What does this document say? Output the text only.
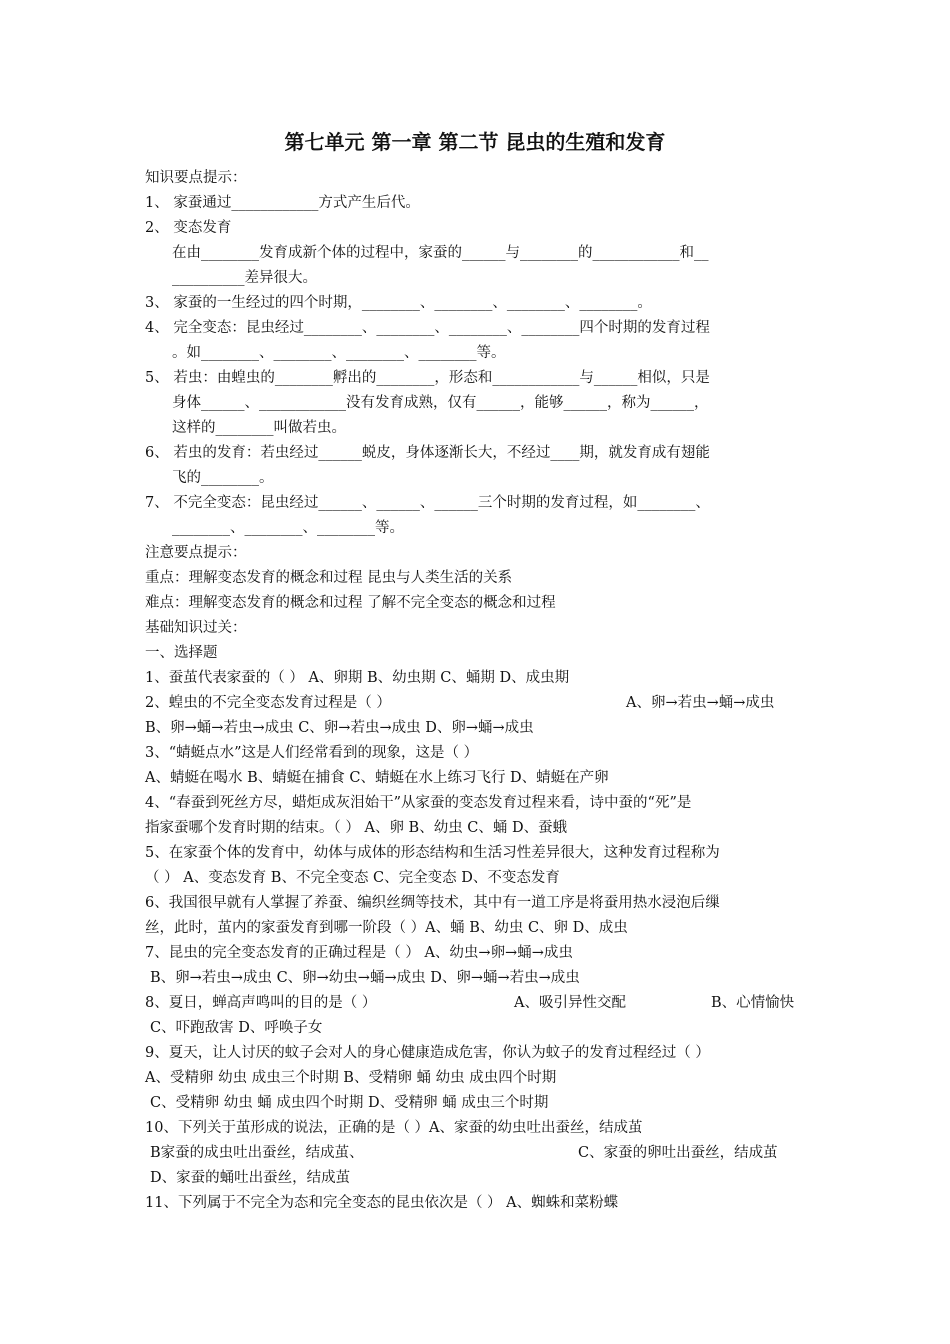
第七单元 第一章 第二节 昆虫的生殖和发育
知识要点提示：
1、 家蚕通过____________方式产生后代。
2、 变态发育
在由________发育成新个体的过程中，家蚕的______与________的____________和__
__________差异很大。
3、 家蚕的一生经过的四个时期，________、________、________、________。
4、 完全变态：昆虫经过________、________、________、________四个时期的发育过程
。如________、________、________、________等。
5、 若虫：由蝗虫的________孵出的________，形态和____________与______相似，只是
身体______、____________没有发育成熟，仅有______，能够______，称为______，
这样的________叫做若虫。
6、 若虫的发育：若虫经过______蜕皮，身体逐渐长大，不经过____期，就发育成有翅能
飞的________。
7、 不完全变态：昆虫经过______、______、______三个时期的发育过程，如________、
________、________、________等。
注意要点提示：
重点：理解变态发育的概念和过程 昆虫与人类生活的关系
难点：理解变态发育的概念和过程 了解不完全变态的概念和过程
基础知识过关：
一、选择题
1、蚕茧代表家蚕的（ ） A、卵期 B、幼虫期 C、蛹期 D、成虫期
2、蝗虫的不完全变态发育过程是（ ）	A、卵→若虫→蛹→成虫
B、卵→蛹→若虫→成虫 C、卵→若虫→成虫 D、卵→蛹→成虫
3、“蜻蜓点水”这是人们经常看到的现象，这是（ ）
A、蜻蜓在喝水 B、蜻蜓在捕食 C、蜻蜓在水上练习飞行 D、蜻蜓在产卵
4、“春蚕到死丝方尽，蜡炬成灰泪始干”从家蚕的变态发育过程来看，诗中蚕的“死”是
指家蚕哪个发育时期的结束。（ ） A、卵 B、幼虫 C、蛹 D、蚕蛾
5、在家蚕个体的发育中，幼体与成体的形态结构和生活习性差异很大，这种发育过程称为
（ ） A、变态发育 B、不完全变态 C、完全变态 D、不变态发育
6、我国很早就有人掌握了养蚕、编织丝绸等技术，其中有一道工序是将蚕用热水浸泡后缫
丝，此时，茧内的家蚕发育到哪一阶段（ ）A、蛹 B、幼虫 C、卵 D、成虫
7、昆虫的完全变态发育的正确过程是（ ） A、幼虫→卵→蛹→成虫
B、卵→若虫→成虫 C、卵→幼虫→蛹→成虫 D、卵→蛹→若虫→成虫
8、夏日，蝉高声鸣叫的目的是（ ）	A、吸引异性交配	B、心情愉快
C、吓跑敌害 D、呼唤子女
9、夏天，让人讨厌的蚊子会对人的身心健康造成危害，你认为蚊子的发育过程经过（ ）
A、受精卵 幼虫 成虫三个时期 B、受精卵 蛹 幼虫 成虫四个时期
C、受精卵 幼虫 蛹 成虫四个时期 D、受精卵 蛹 成虫三个时期
10、下列关于茧形成的说法，正确的是（ ）A、家蚕的幼虫吐出蚕丝，结成茧
B家蚕的成虫吐出蚕丝，结成茧、	C、家蚕的卵吐出蚕丝，结成茧
D、家蚕的蛹吐出蚕丝，结成茧
11、下列属于不完全为态和完全变态的昆虫依次是（ ） A、蜘蛛和菜粉蝶
